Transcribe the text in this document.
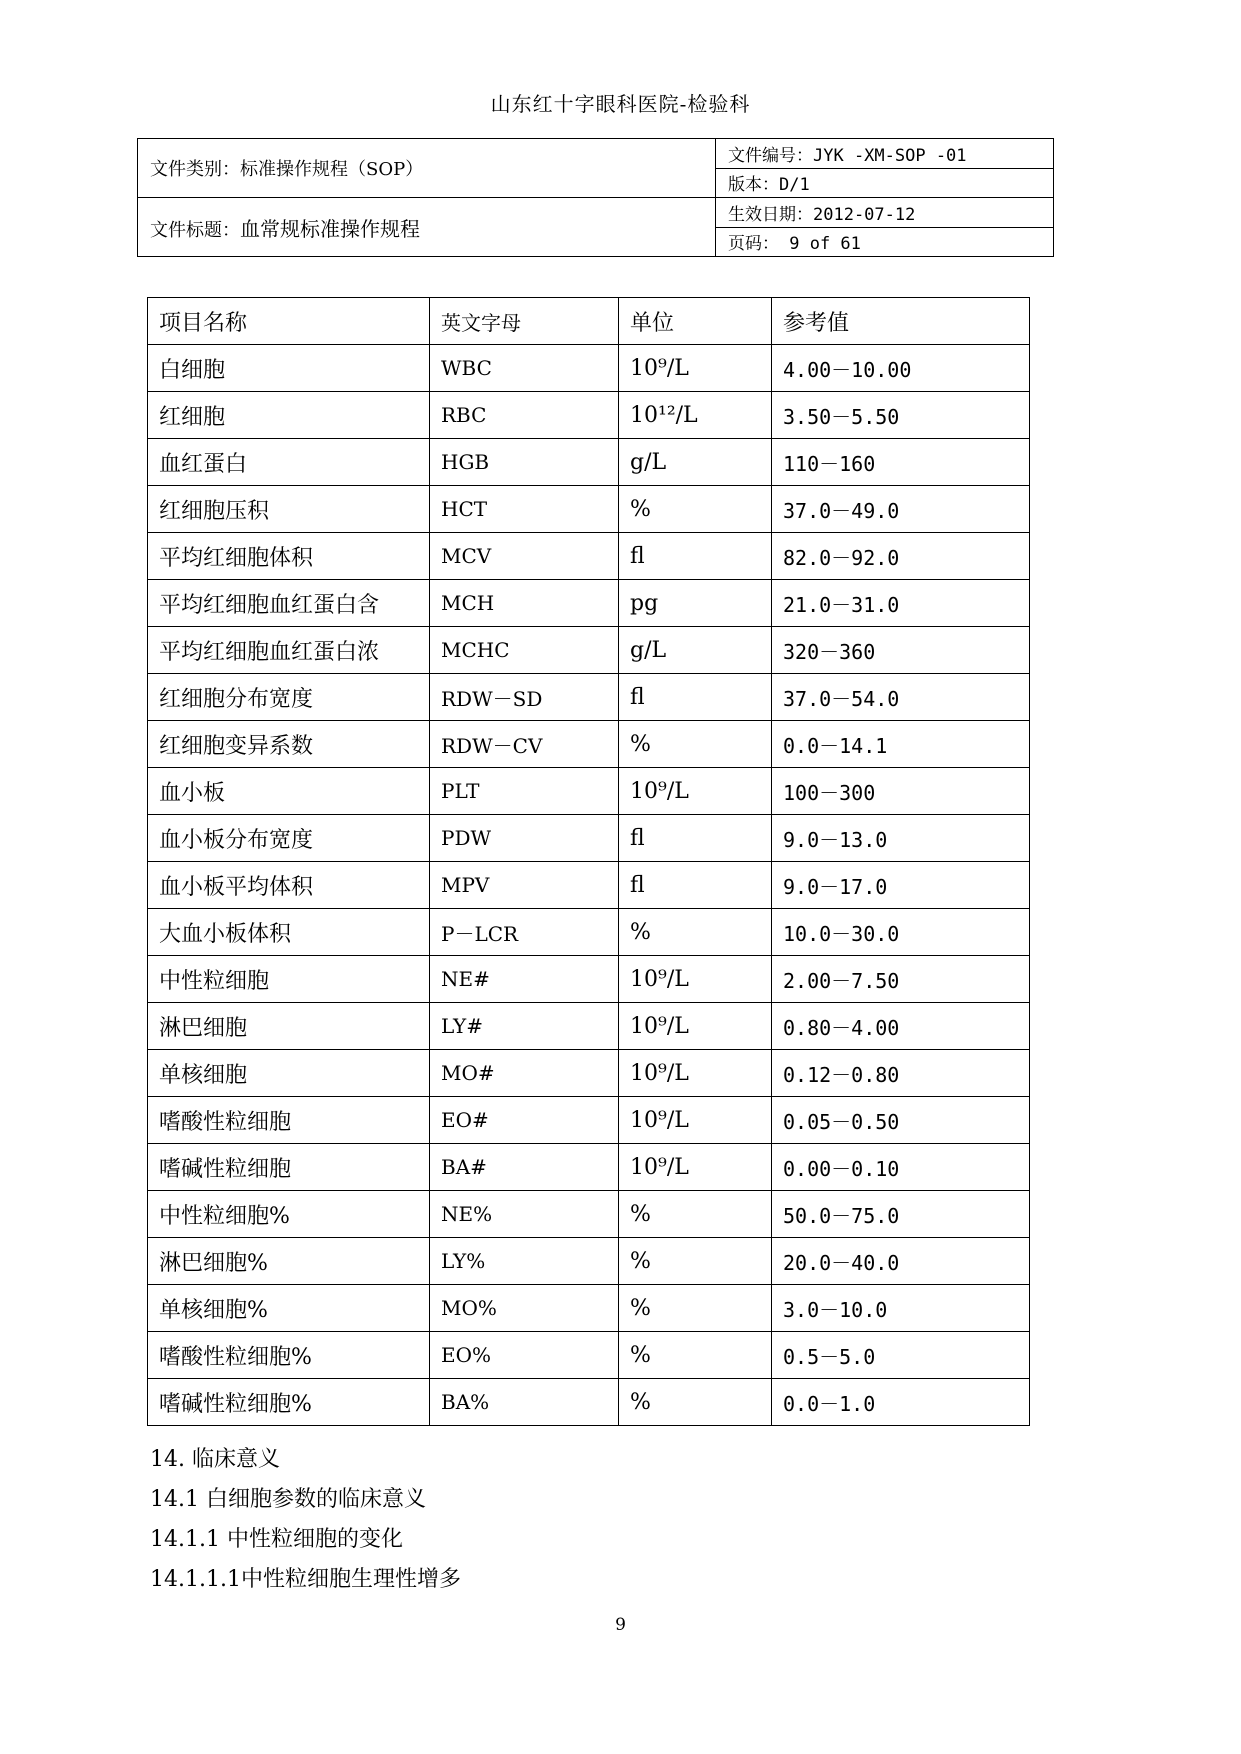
山东红十字眼科医院-检验科
文件类别：标准操作规程（SOP）	文件编号：JYK -XM-SOP -01
	版本：D/1
文件标题：血常规标准操作规程	生效日期：2012-07-12
	页码： 9 of 61
项目名称	英文字母	单位	参考值
白细胞	WBC	10⁹/L	4.00－10.00
红细胞	RBC	10¹²/L	3.50－5.50
血红蛋白	HGB	g/L	110－160
红细胞压积	HCT	%	37.0－49.0
平均红细胞体积	MCV	fl	82.0－92.0
平均红细胞血红蛋白含	MCH	pg	21.0－31.0
平均红细胞血红蛋白浓	MCHC	g/L	320－360
红细胞分布宽度	RDW－SD	fl	37.0－54.0
红细胞变异系数	RDW－CV	%	0.0－14.1
血小板	PLT	10⁹/L	100－300
血小板分布宽度	PDW	fl	9.0－13.0
血小板平均体积	MPV	fl	9.0－17.0
大血小板体积	P－LCR	%	10.0－30.0
中性粒细胞	NE#	10⁹/L	2.00－7.50
淋巴细胞	LY#	10⁹/L	0.80－4.00
单核细胞	MO#	10⁹/L	0.12－0.80
嗜酸性粒细胞	EO#	10⁹/L	0.05－0.50
嗜碱性粒细胞	BA#	10⁹/L	0.00－0.10
中性粒细胞%	NE%	%	50.0－75.0
淋巴细胞%	LY%	%	20.0－40.0
单核细胞%	MO%	%	3.0－10.0
嗜酸性粒细胞%	EO%	%	0.5－5.0
嗜碱性粒细胞%	BA%	%	0.0－1.0
14. 临床意义
14.1 白细胞参数的临床意义
14.1.1 中性粒细胞的变化
14.1.1.1中性粒细胞生理性增多
9
